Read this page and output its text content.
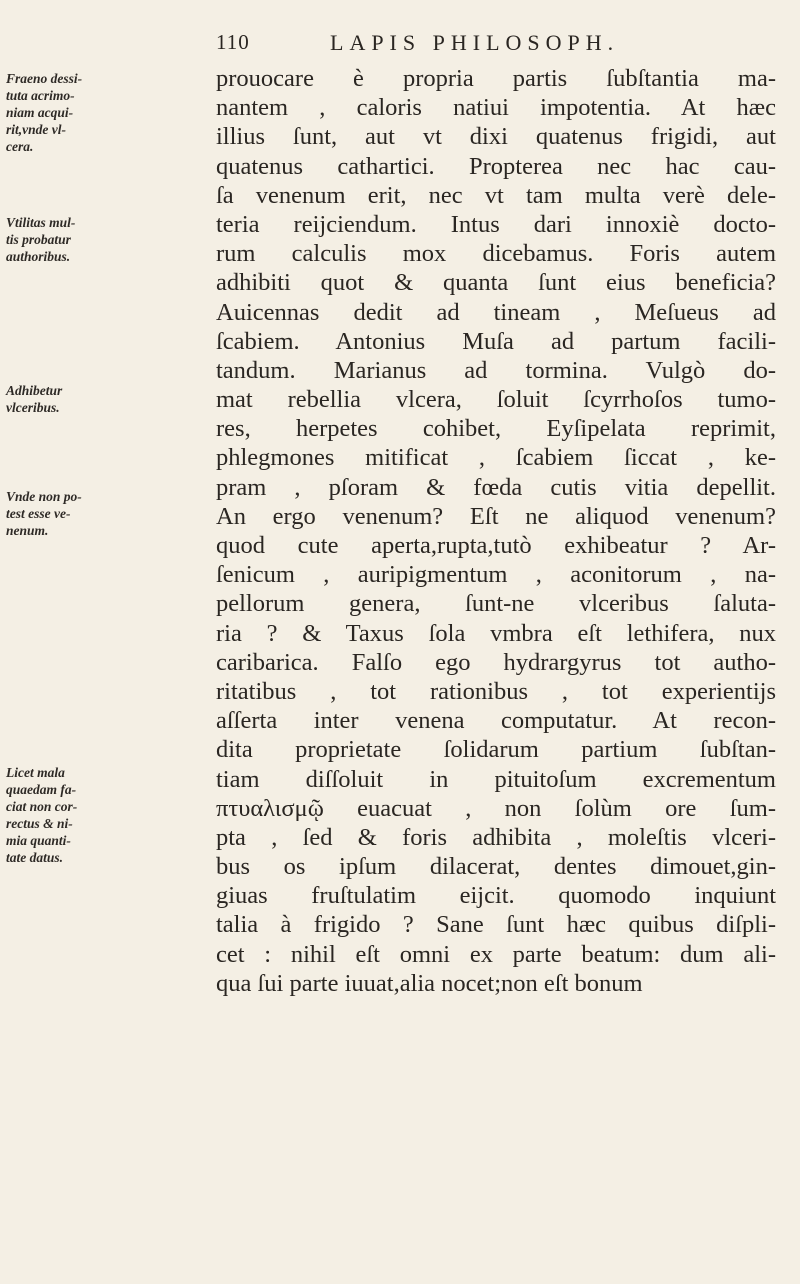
110	LAPIS PHILOSOPH.
Fraeno dessi-
tuta acrimo-
niam acqui-
rit,vnde vl-
cera.
Vtilitas mul-
tis probatur
authoribus.
Adhibetur
vlceribus.
Vnde non po-
test esse ve-
nenum.
Licet mala
quaedam fa-
ciat non cor-
rectus & ni-
mia quanti-
tate datus.
prouocare è propria partis ſubſtantia ma-
nantem , caloris natiui impotentia. At hæc
illius ſunt, aut vt dixi quatenus frigidi, aut
quatenus cathartici. Propterea nec hac cau-
ſa venenum erit, nec vt tam multa verè dele-
teria reijciendum. Intus dari innoxiè docto-
rum calculis mox dicebamus. Foris autem
adhibiti quot & quanta ſunt eius beneficia?
Auicennas dedit ad tineam , Meſueus ad
ſcabiem. Antonius Muſa ad partum facili-
tandum. Marianus ad tormina. Vulgò do-
mat rebellia vlcera, ſoluit ſcyrrhoſos tumo-
res, herpetes cohibet, Eyſipelata reprimit,
phlegmones mitificat , ſcabiem ſiccat , ke-
pram , pſoram & fœda cutis vitia depellit.
An ergo venenum? Eſt ne aliquod venenum?
quod cute aperta,rupta,tutò exhibeatur ? Ar-
ſenicum , auripigmentum , aconitorum , na-
pellorum genera, ſunt-ne vlceribus ſaluta-
ria ? & Taxus ſola vmbra eſt lethifera, nux
caribarica. Falſo ego hydrargyrus tot autho-
ritatibus , tot rationibus , tot experientijs
aſſerta inter venena computatur. At recon-
dita proprietate ſolidarum partium ſubſtan-
tiam diſſoluit in pituitoſum excrementum
πτυαλισμῷ euacuat , non ſolùm ore ſum-
pta , ſed & foris adhibita , moleſtis vlceri-
bus os ipſum dilacerat, dentes dimouet,gin-
giuas fruſtulatim eijcit. quomodo inquiunt
talia à frigido ? Sane ſunt hæc quibus diſpli-
cet : nihil eſt omni ex parte beatum: dum ali-
qua ſui parte iuuat,alia nocet;non eſt bonum
